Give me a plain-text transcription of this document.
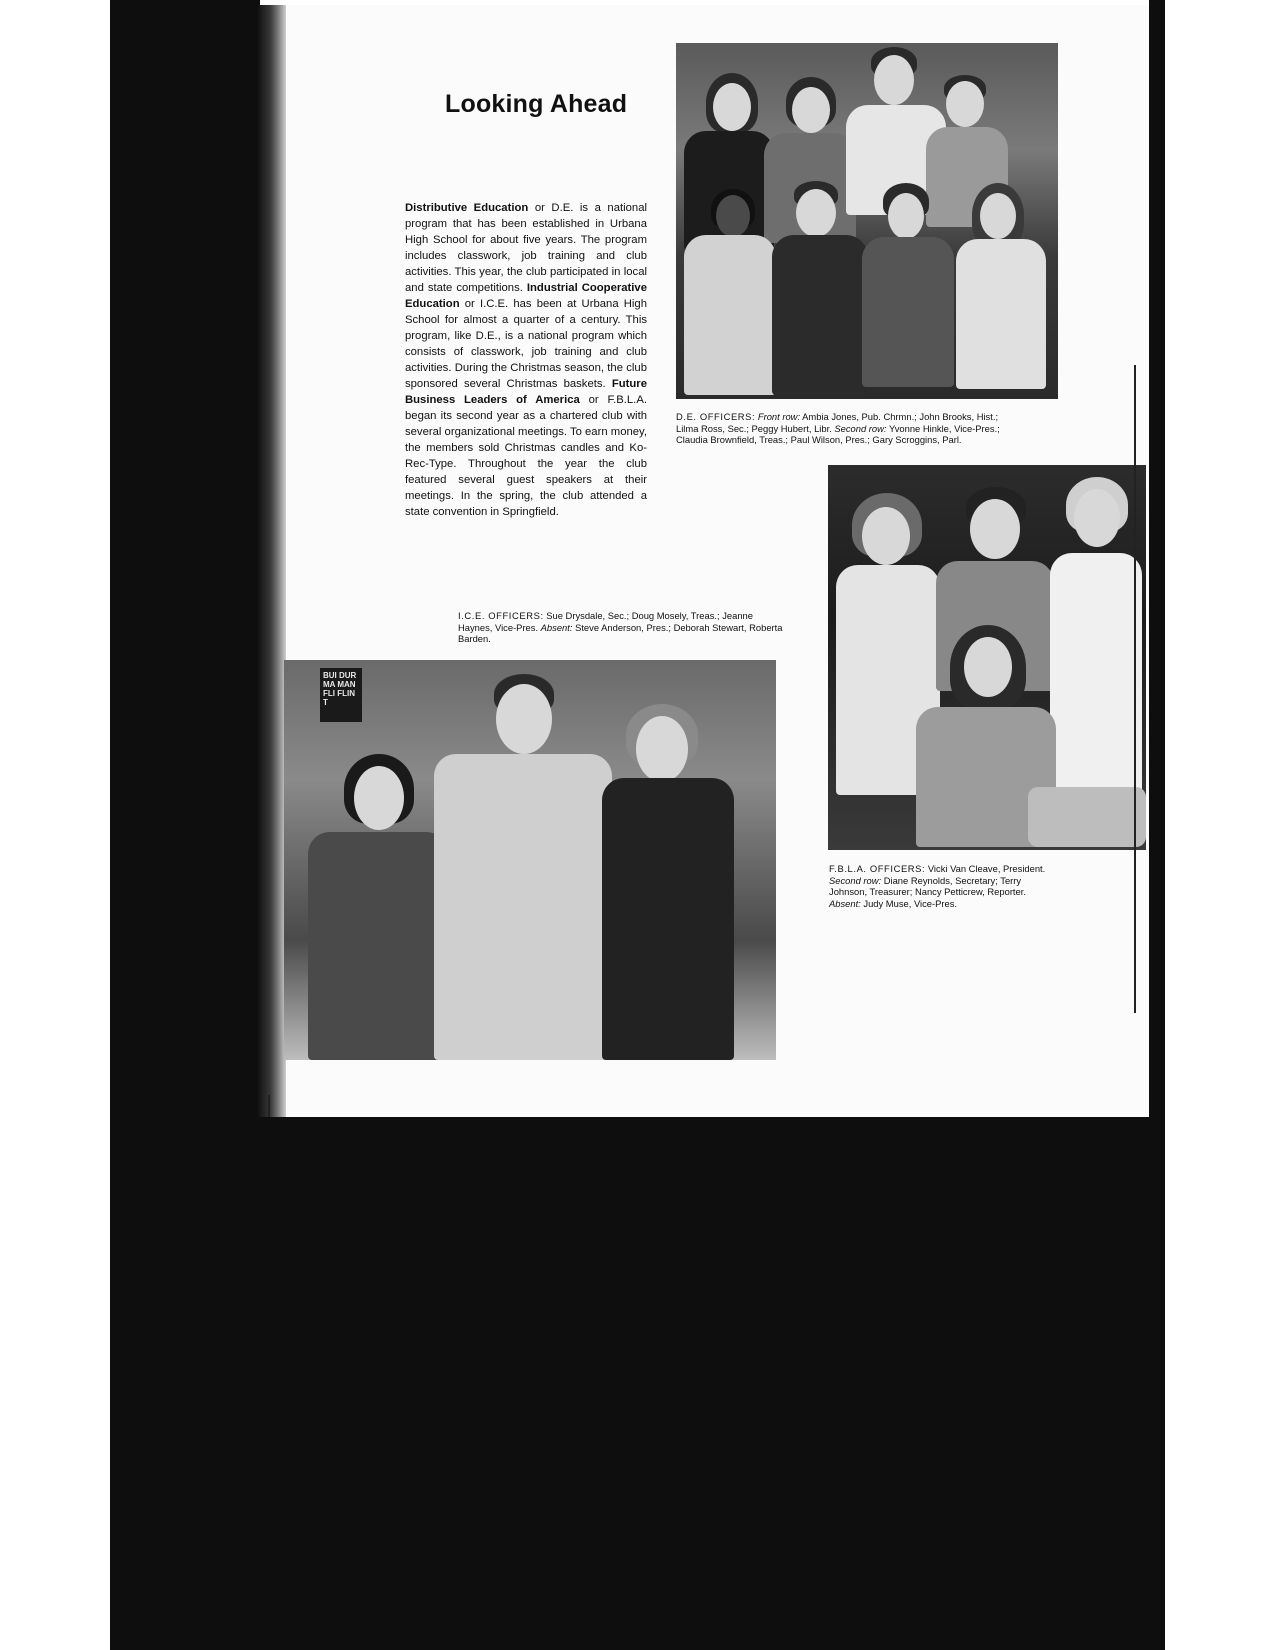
Looking Ahead

Distributive Education or D.E. is a national program that has been established in Urbana High School for about five years. The program includes classwork, job training and club activities. This year, the club participated in local and state competitions. Industrial Cooperative Education or I.C.E. has been at Urbana High School for almost a quarter of a century. This program, like D.E., is a national program which consists of classwork, job training and club activities. During the Christmas season, the club sponsored several Christmas baskets. Future Business Leaders of America or F.B.L.A. began its second year as a chartered club with several organizational meetings. To earn money, the members sold Christmas candles and Ko-Rec-Type. Throughout the year the club featured several guest speakers at their meetings. In the spring, the club attended a state convention in Springfield.

D.E. OFFICERS: Front row: Ambia Jones, Pub. Chrmn.; John Brooks, Hist.; Lilma Ross, Sec.; Peggy Hubert, Libr. Second row: Yvonne Hinkle, Vice-Pres.; Claudia Brownfield, Treas.; Paul Wilson, Pres.; Gary Scroggins, Parl.

F.B.L.A. OFFICERS: Vicki Van Cleave, President. Second row: Diane Reynolds, Secretary; Terry Johnson, Treasurer; Nancy Petticrew, Reporter. Absent: Judy Muse, Vice-Pres.

I.C.E. OFFICERS: Sue Drysdale, Sec.; Doug Mosely, Treas.; Jeanne Haynes, Vice-Pres. Absent: Steve Anderson, Pres.; Deborah Stewart, Roberta Barden.

BUI DUR MA MAN FLI FLINT
